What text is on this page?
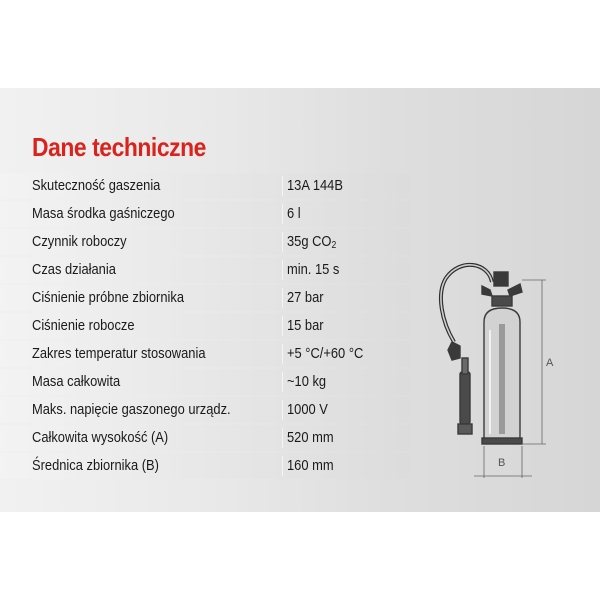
Dane techniczne
Skuteczność gaszenia	13A 144B
Masa środka gaśniczego	6 l
Czynnik roboczy	35g $CO_2$
Czas działania	min. 15 s
Ciśnienie próbne zbiornika	27 bar
Ciśnienie robocze	15 bar
Zakres temperatur stosowania	+5 °C/+60 °C
Masa całkowita	~10 kg
Maks. napięcie gaszonego urządz.	1000 V
Całkowita wysokość (A)	520 mm
Średnica zbiornika (B)	160 mm
A
B
